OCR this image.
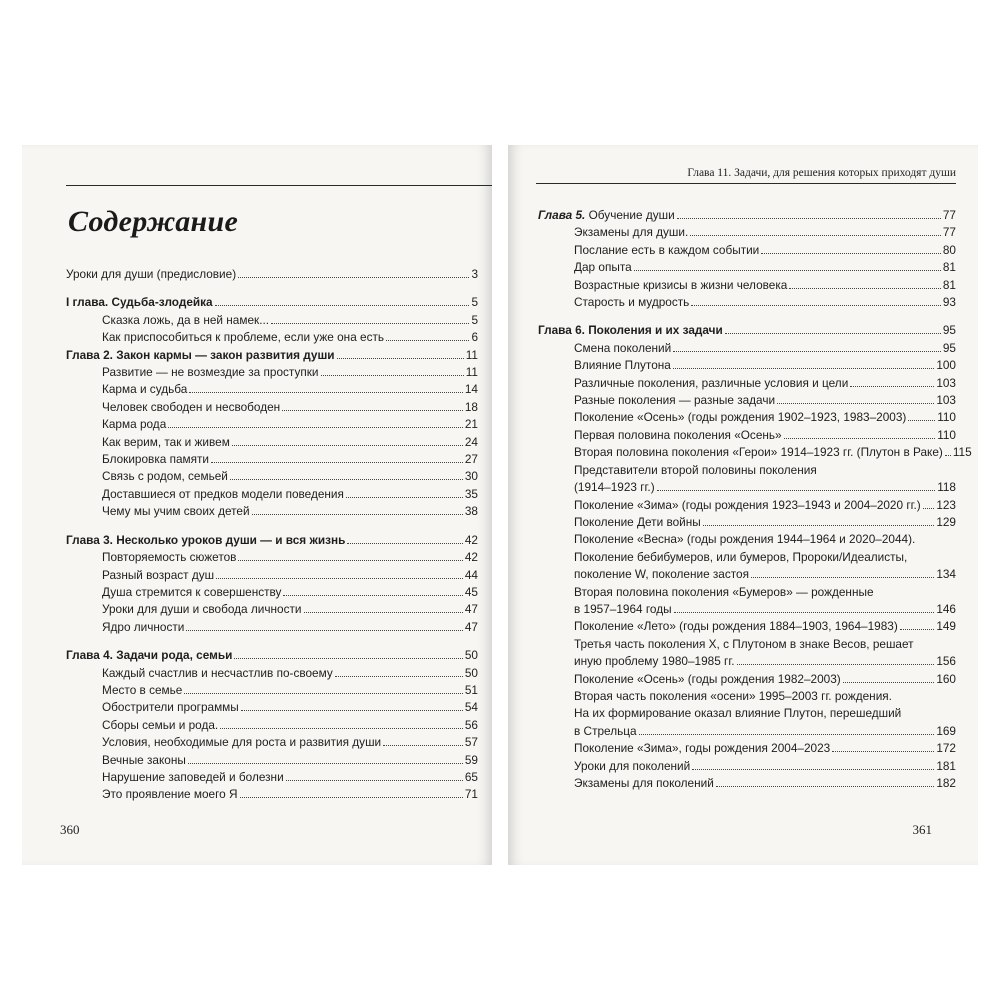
Содержание
Уроки для души (предисловие)	3
I глава. Судьба-злодейка	5
Сказка ложь, да в ней намек...	5
Как приспособиться к проблеме, если уже она есть	6
Глава 2. Закон кармы — закон развития души	11
Развитие — не возмездие за проступки	11
Карма и судьба	14
Человек свободен и несвободен	18
Карма рода	21
Как верим, так и живем	24
Блокировка памяти	27
Связь с родом, семьей	30
Доставшиеся от предков модели поведения	35
Чему мы учим своих детей	38
Глава 3. Несколько уроков души — и вся жизнь	42
Повторяемость сюжетов	42
Разный возраст душ	44
Душа стремится к совершенству	45
Уроки для души и свобода личности	47
Ядро личности	47
Глава 4. Задачи рода, семьи	50
Каждый счастлив и несчастлив по-своему	50
Место в семье	51
Обострители программы	54
Сборы семьи и рода.	56
Условия, необходимые для роста и развития души	57
Вечные законы	59
Нарушение заповедей и болезни	65
Это проявление моего Я	71
360
Глава 11. Задачи, для решения которых приходят души
Глава 5. Обучение души	77
Экзамены для души.	77
Послание есть в каждом событии	80
Дар опыта	81
Возрастные кризисы в жизни человека	81
Старость и мудрость	93
Глава 6. Поколения и их задачи	95
Смена поколений	95
Влияние Плутона	100
Различные поколения, различные условия и цели	103
Разные поколения — разные задачи	103
Поколение «Осень» (годы рождения 1902–1923, 1983–2003)	110
Первая половина поколения «Осень»	110
Вторая половина поколения «Герои» 1914–1923 гг. (Плутон в Раке) 115
Представители второй половины поколения
(1914–1923 гг.)	118
Поколение «Зима» (годы рождения 1923–1943 и 2004–2020 гг.) 123
Поколение Дети войны	129
Поколение «Весна» (годы рождения 1944–1964 и 2020–2044).
Поколение бебибумеров, или бумеров, Пророки/Идеалисты,
поколение W, поколение застоя	134
Вторая половина поколения «Бумеров» — рожденные
в 1957–1964 годы	146
Поколение «Лето» (годы рождения 1884–1903, 1964–1983)	149
Третья часть поколения X, с Плутоном в знаке Весов, решает
иную проблему 1980–1985 гг.	156
Поколение «Осень» (годы рождения 1982–2003)	160
Вторая часть поколения «осени» 1995–2003 гг. рождения.
На их формирование оказал влияние Плутон, перешедший
в Стрельца	169
Поколение «Зима», годы рождения 2004–2023	172
Уроки для поколений	181
Экзамены для поколений	182
361
